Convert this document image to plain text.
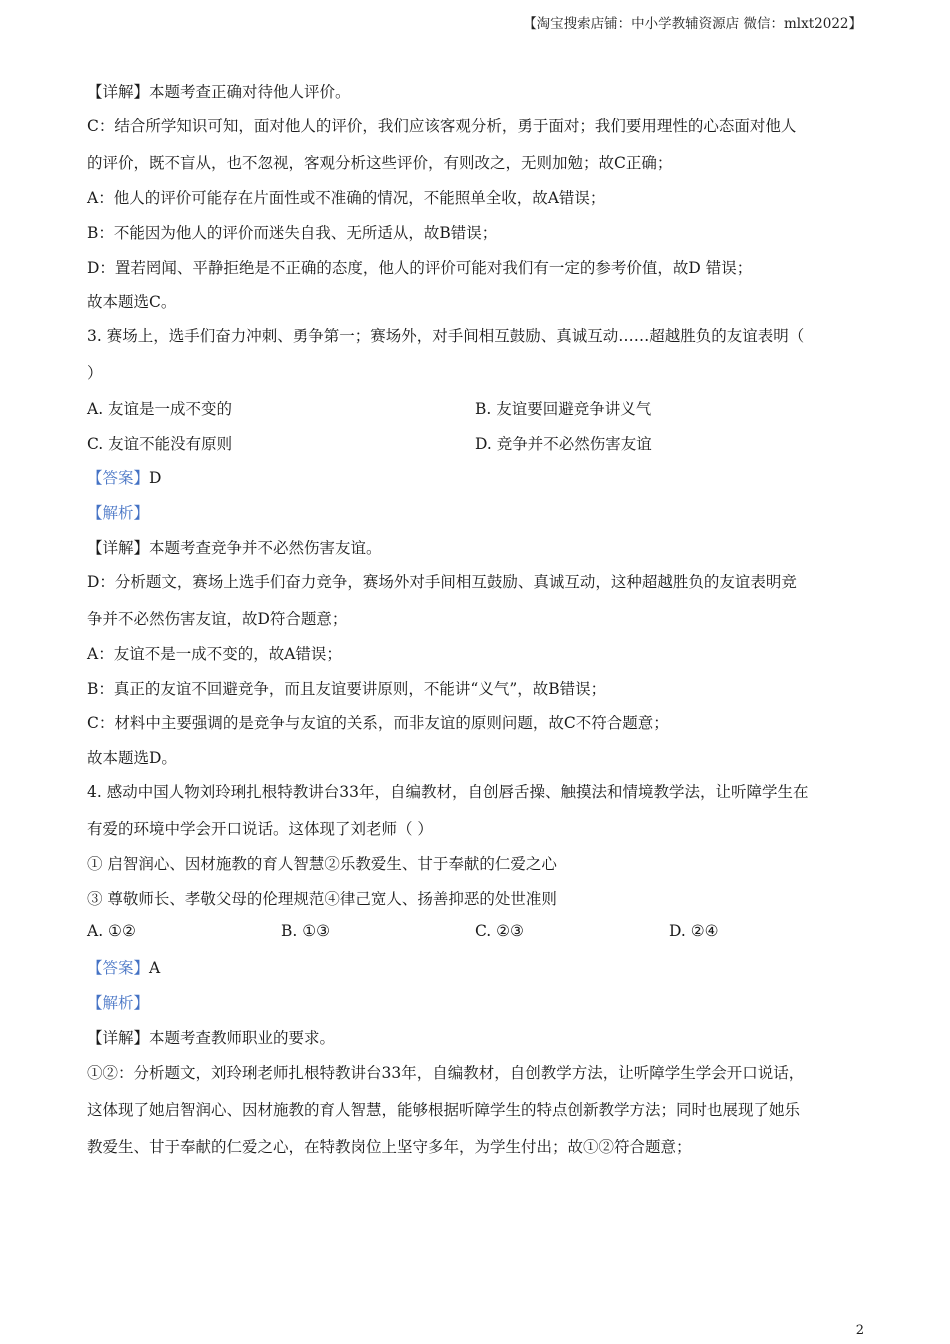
【淘宝搜索店铺：中小学教辅资源店 微信：mlxt2022】
【详解】本题考查正确对待他人评价。
C：结合所学知识可知，面对他人的评价，我们应该客观分析，勇于面对；我们要用理性的心态面对他人
的评价，既不盲从，也不忽视，客观分析这些评价，有则改之，无则加勉；故C正确；
A：他人的评价可能存在片面性或不准确的情况，不能照单全收，故A错误；
B：不能因为他人的评价而迷失自我、无所适从，故B错误；
D：置若罔闻、平静拒绝是不正确的态度，他人的评价可能对我们有一定的参考价值，故D 错误；
故本题选C。
3. 赛场上，选手们奋力冲刺、勇争第一；赛场外，对手间相互鼓励、真诚互动……超越胜负的友谊表明（
）
A. 友谊是一成不变的	B. 友谊要回避竞争讲义气
C. 友谊不能没有原则	D. 竞争并不必然伤害友谊
【答案】D
【解析】
【详解】本题考查竞争并不必然伤害友谊。
D：分析题文，赛场上选手们奋力竞争，赛场外对手间相互鼓励、真诚互动，这种超越胜负的友谊表明竞
争并不必然伤害友谊，故D符合题意；
A：友谊不是一成不变的，故A错误；
B：真正的友谊不回避竞争，而且友谊要讲原则，不能讲“义气”，故B错误；
C：材料中主要强调的是竞争与友谊的关系，而非友谊的原则问题，故C不符合题意；
故本题选D。
4. 感动中国人物刘玲琍扎根特教讲台33年，自编教材，自创唇舌操、触摸法和情境教学法，让听障学生在
有爱的环境中学会开口说话。这体现了刘老师（ ）
① 启智润心、因材施教的育人智慧②乐教爱生、甘于奉献的仁爱之心
③ 尊敬师长、孝敬父母的伦理规范④律己宽人、扬善抑恶的处世准则
A. ①②	B. ①③	C. ②③	D. ②④
【答案】A
【解析】
【详解】本题考查教师职业的要求。
①②：分析题文，刘玲琍老师扎根特教讲台33年，自编教材，自创教学方法，让听障学生学会开口说话，
这体现了她启智润心、因材施教的育人智慧，能够根据听障学生的特点创新教学方法；同时也展现了她乐
教爱生、甘于奉献的仁爱之心，在特教岗位上坚守多年，为学生付出；故①②符合题意；
2
